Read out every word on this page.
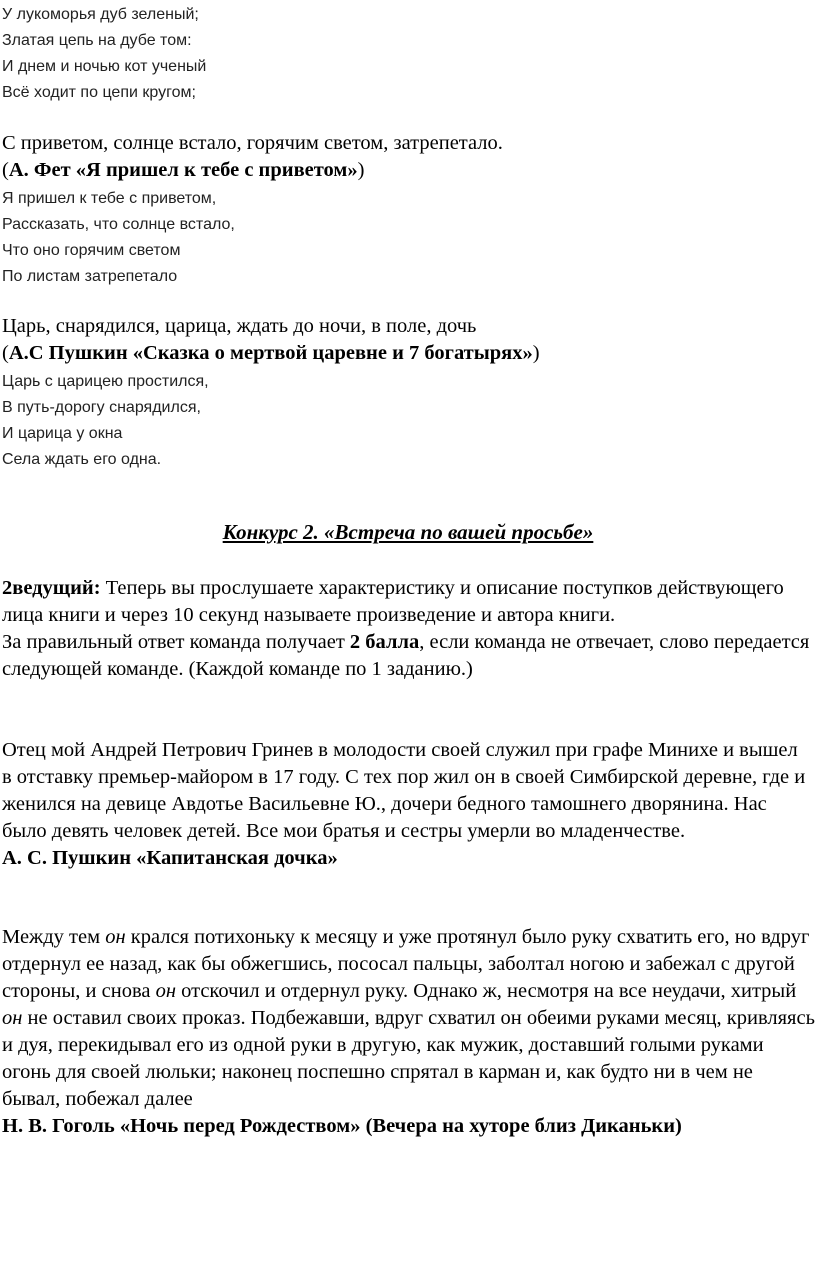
У лукоморья дуб зеленый;
Златая цепь на дубе том:
И днем и ночью кот ученый
Всё ходит по цепи кругом;
С приветом, солнце встало, горячим светом, затрепетало.
(А. Фет «Я пришел к тебе с приветом»)
Я пришел к тебе с приветом,
Рассказать, что солнце встало,
Что оно горячим светом
По листам затрепетало
Царь, снарядился, царица, ждать до ночи, в поле, дочь
(А.С Пушкин «Сказка о мертвой царевне и 7 богатырях»)
Царь с царицею простился,
В путь-дорогу снарядился,
И царица у окна
Села ждать его одна.
Конкурс 2. «Встреча по вашей просьбе»

2ведущий: Теперь вы прослушаете характеристику и описание поступков действующего лица книги и через 10 секунд называете произведение и автора книги.

За правильный ответ команда получает 2 балла, если команда не отвечает, слово передается следующей команде. (Каждой команде по 1 заданию.)

Отец мой Андрей Петрович Гринев в молодости своей служил при графе Минихе и вышел в отставку премьер-майором в 17 году. С тех пор жил он в своей Симбирской деревне, где и женился на девице Авдотье Васильевне Ю., дочери бедного тамошнего дворянина. Нас было девять человек детей. Все мои братья и сестры умерли во младенчестве.

А. С. Пушкин «Капитанская дочка»

Между тем он крался потихоньку к месяцу и уже протянул было руку схватить его, но вдруг отдернул ее назад, как бы обжегшись, пососал пальцы, заболтал ногою и забежал с другой стороны, и снова он отскочил и отдернул руку. Однако ж, несмотря на все неудачи, хитрый он не оставил своих проказ. Подбежавши, вдруг схватил он обеими руками месяц, кривляясь и дуя, перекидывал его из одной руки в другую, как мужик, доставший голыми руками огонь для своей люльки; наконец поспешно спрятал в карман и, как будто ни в чем не бывал, побежал далее

Н. В. Гоголь «Ночь перед Рождеством» (Вечера на хуторе близ Диканьки)
